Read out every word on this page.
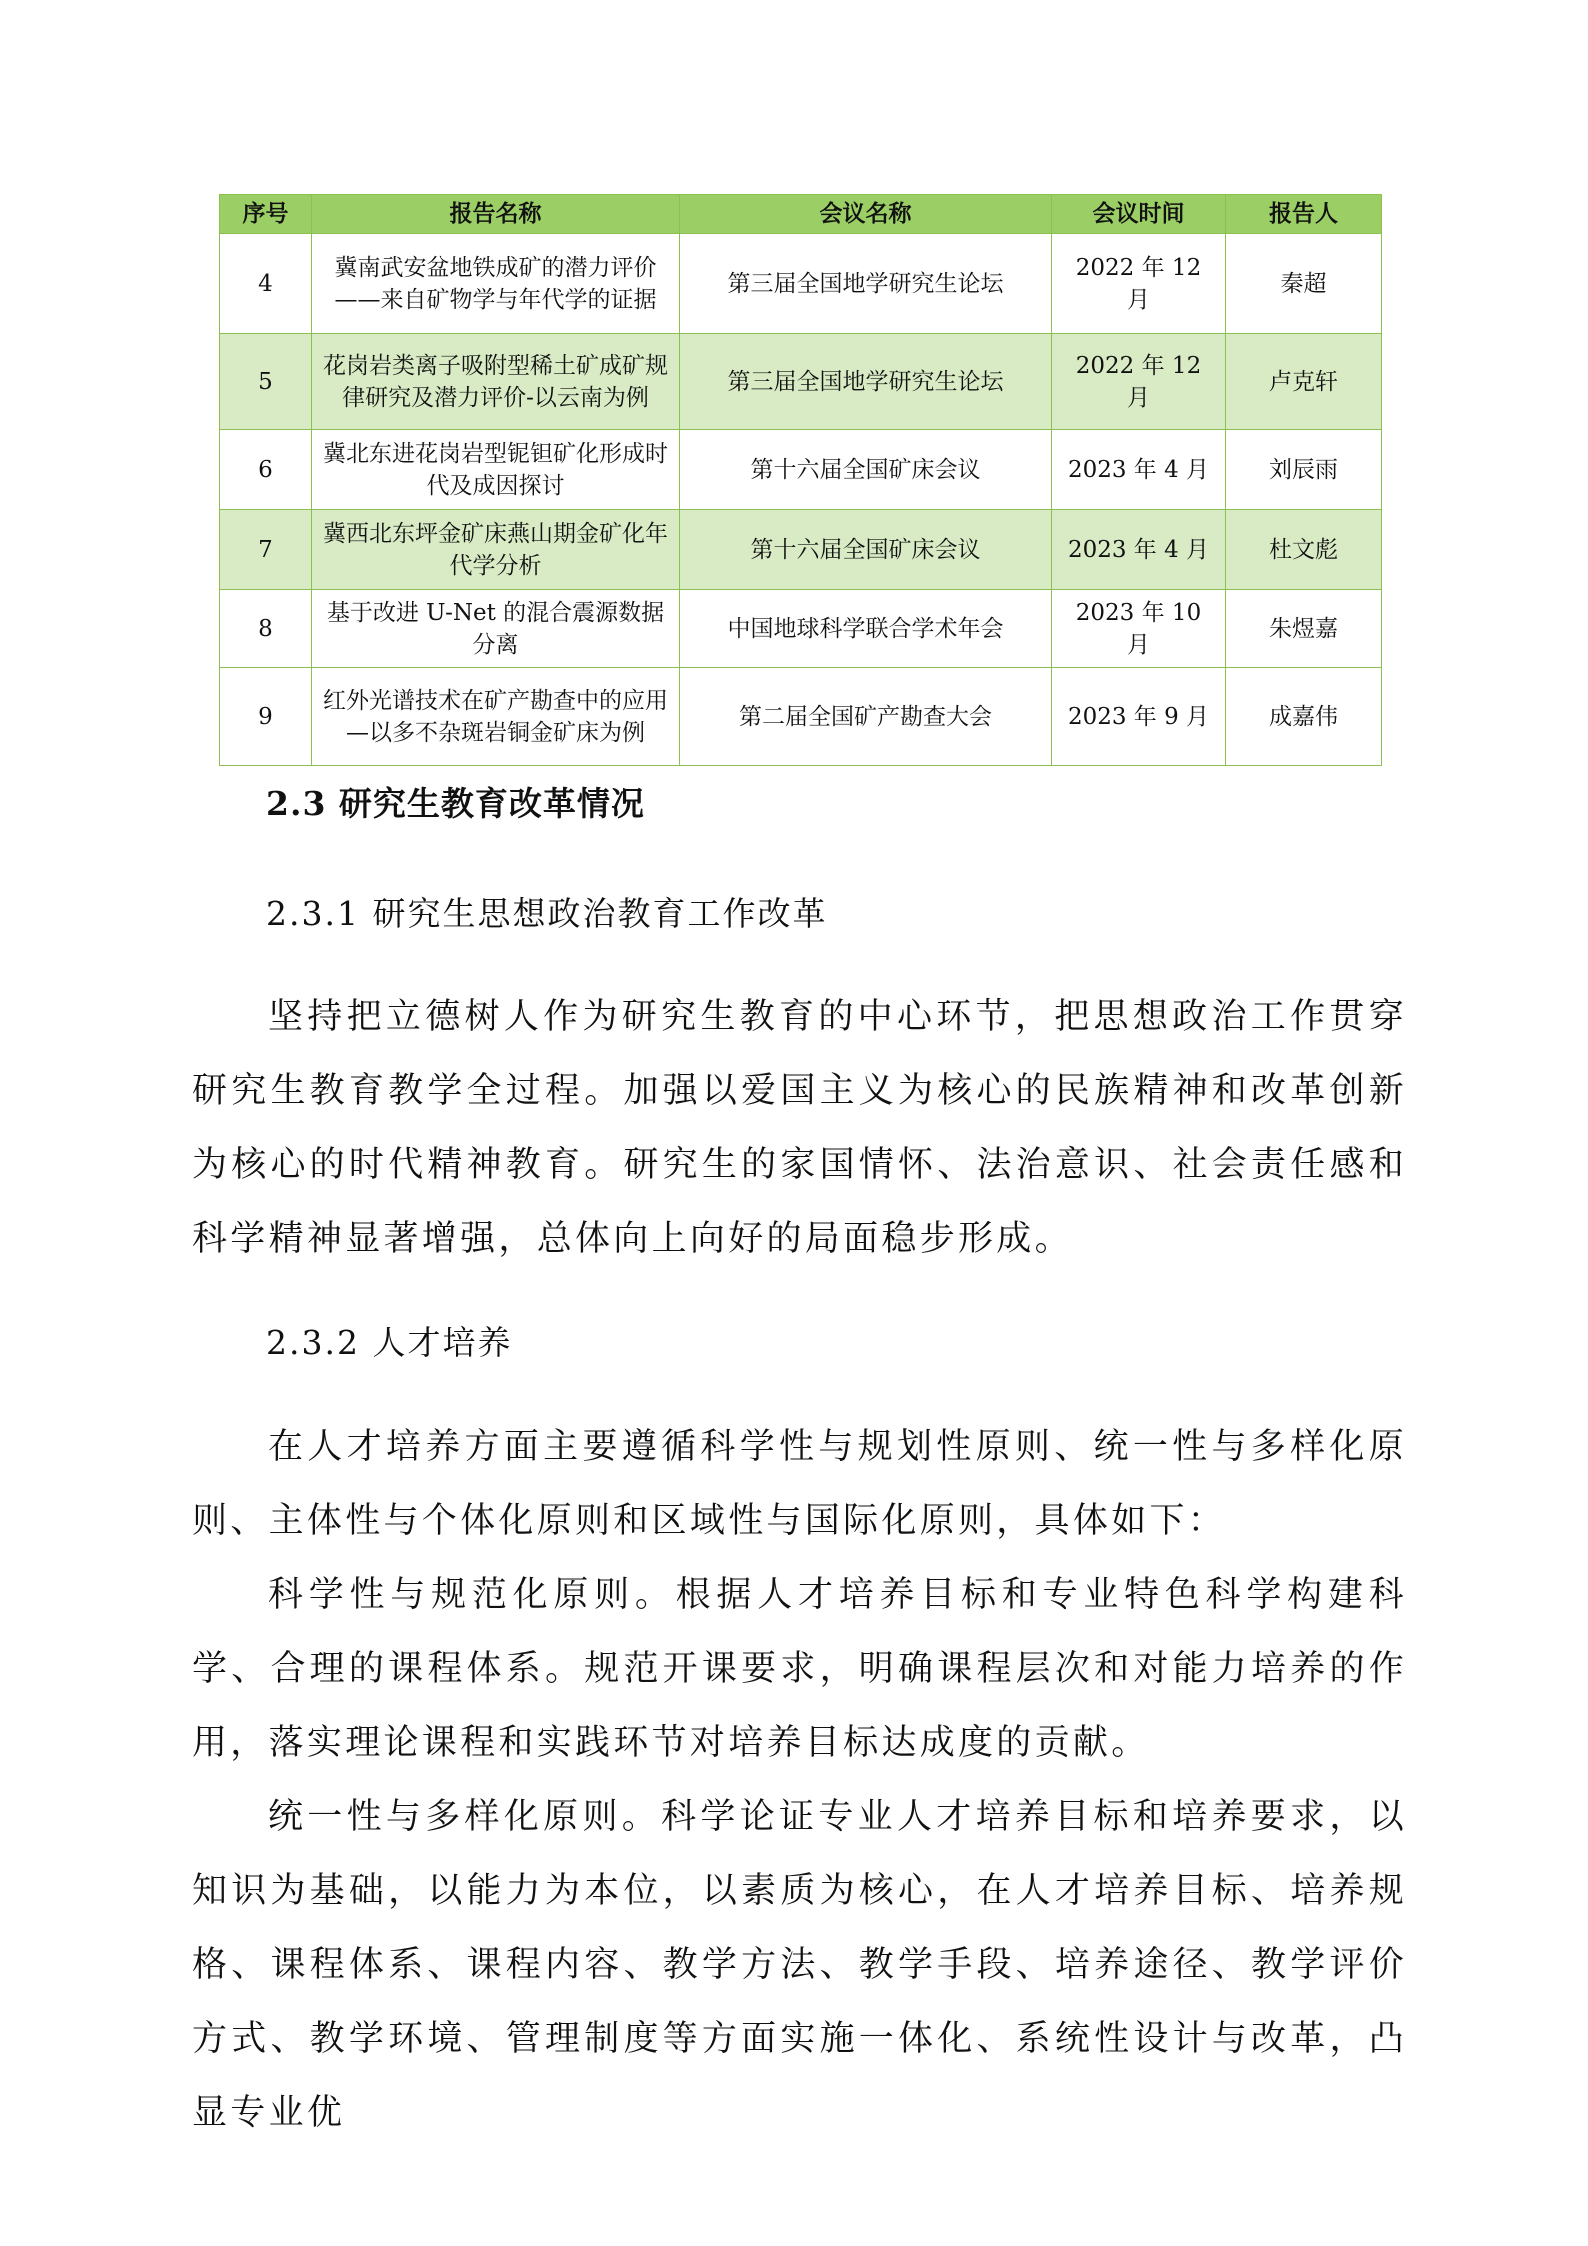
序号	报告名称	会议名称	会议时间	报告人
4	冀南武安盆地铁成矿的潜力评价——来自矿物学与年代学的证据	第三届全国地学研究生论坛	2022 年 12 月	秦超
5	花岗岩类离子吸附型稀土矿成矿规律研究及潜力评价-以云南为例	第三届全国地学研究生论坛	2022 年 12 月	卢克轩
6	冀北东进花岗岩型铌钽矿化形成时代及成因探讨	第十六届全国矿床会议	2023 年 4 月	刘辰雨
7	冀西北东坪金矿床燕山期金矿化年代学分析	第十六届全国矿床会议	2023 年 4 月	杜文彪
8	基于改进 U-Net 的混合震源数据分离	中国地球科学联合学术年会	2023 年 10 月	朱煜嘉
9	红外光谱技术在矿产勘查中的应用—以多不杂斑岩铜金矿床为例	第二届全国矿产勘查大会	2023 年 9 月	成嘉伟
2.3 研究生教育改革情况
2.3.1 研究生思想政治教育工作改革

坚持把立德树人作为研究生教育的中心环节，把思想政治工作贯穿研究生教育教学全过程。加强以爱国主义为核心的民族精神和改革创新为核心的时代精神教育。研究生的家国情怀、法治意识、社会责任感和科学精神显著增强，总体向上向好的局面稳步形成。

2.3.2 人才培养

在人才培养方面主要遵循科学性与规划性原则、统一性与多样化原则、主体性与个体化原则和区域性与国际化原则，具体如下：

科学性与规范化原则。根据人才培养目标和专业特色科学构建科学、合理的课程体系。规范开课要求，明确课程层次和对能力培养的作用，落实理论课程和实践环节对培养目标达成度的贡献。

统一性与多样化原则。科学论证专业人才培养目标和培养要求，以知识为基础，以能力为本位，以素质为核心，在人才培养目标、培养规格、课程体系、课程内容、教学方法、教学手段、培养途径、教学评价方式、教学环境、管理制度等方面实施一体化、系统性设计与改革，凸显专业优
